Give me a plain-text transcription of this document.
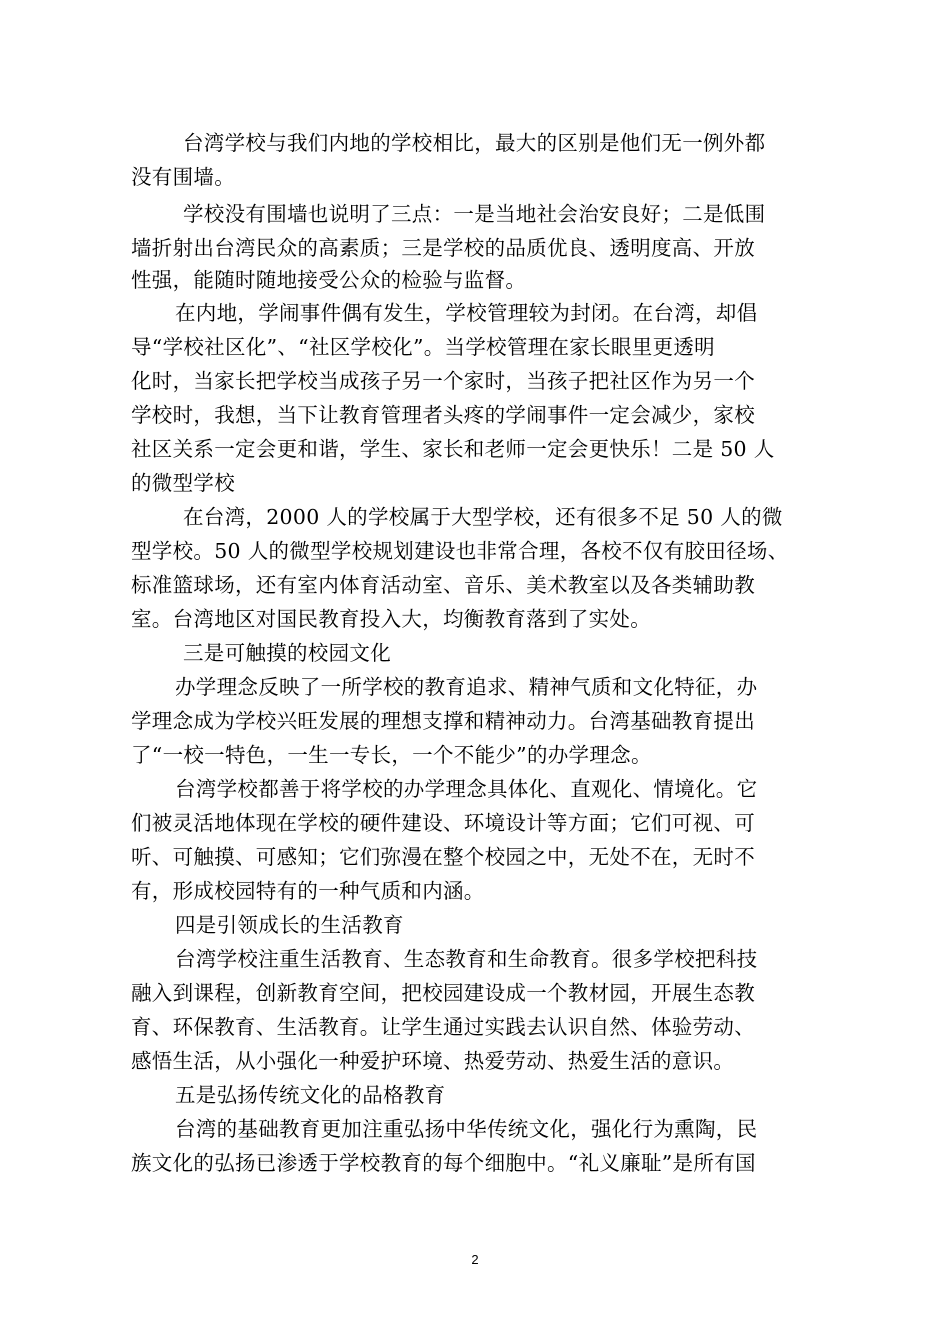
台湾学校与我们内地的学校相比，最大的区别是他们无一例外都
没有围墙。
学校没有围墙也说明了三点：一是当地社会治安良好；二是低围
墙折射出台湾民众的高素质；三是学校的品质优良、透明度高、开放
性强，能随时随地接受公众的检验与监督。
在内地，学闹事件偶有发生，学校管理较为封闭。在台湾，却倡
导“学校社区化”、“社区学校化”。当学校管理在家长眼里更透明
化时，当家长把学校当成孩子另一个家时，当孩子把社区作为另一个
学校时，我想，当下让教育管理者头疼的学闹事件一定会减少，家校
社区关系一定会更和谐，学生、家长和老师一定会更快乐！二是 50 人
的微型学校
在台湾，2000 人的学校属于大型学校，还有很多不足 50 人的微
型学校。50 人的微型学校规划建设也非常合理，各校不仅有胶田径场、
标准篮球场，还有室内体育活动室、音乐、美术教室以及各类辅助教
室。台湾地区对国民教育投入大，均衡教育落到了实处。
三是可触摸的校园文化
办学理念反映了一所学校的教育追求、精神气质和文化特征，办
学理念成为学校兴旺发展的理想支撑和精神动力。台湾基础教育提出
了“一校一特色，一生一专长，一个不能少”的办学理念。
台湾学校都善于将学校的办学理念具体化、直观化、情境化。它
们被灵活地体现在学校的硬件建设、环境设计等方面；它们可视、可
听、可触摸、可感知；它们弥漫在整个校园之中，无处不在，无时不
有，形成校园特有的一种气质和内涵。
四是引领成长的生活教育
台湾学校注重生活教育、生态教育和生命教育。很多学校把科技
融入到课程，创新教育空间，把校园建设成一个教材园，开展生态教
育、环保教育、生活教育。让学生通过实践去认识自然、体验劳动、
感悟生活，从小强化一种爱护环境、热爱劳动、热爱生活的意识。
五是弘扬传统文化的品格教育
台湾的基础教育更加注重弘扬中华传统文化，强化行为熏陶，民
族文化的弘扬已渗透于学校教育的每个细胞中。“礼义廉耻”是所有国
2
